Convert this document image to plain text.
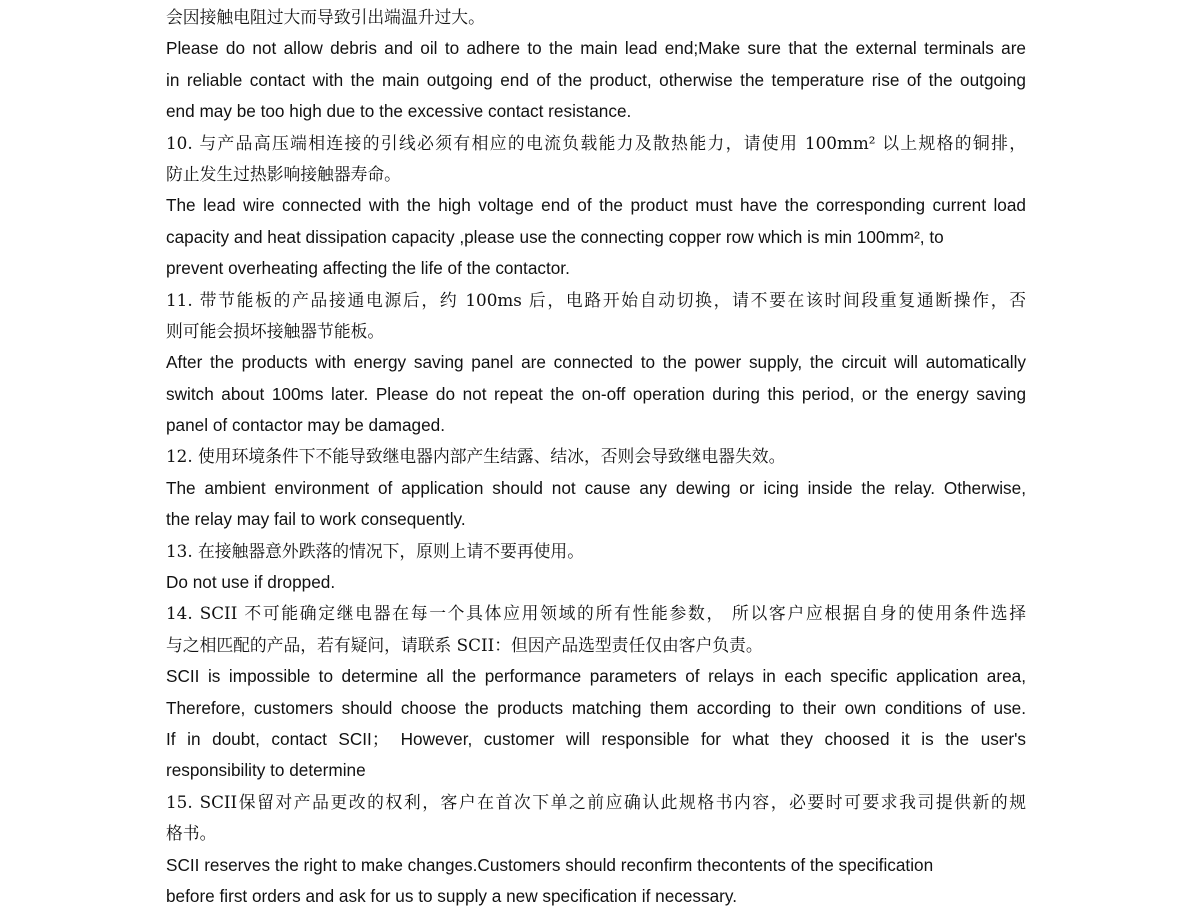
会因接触电阻过大而导致引出端温升过大。
Please do not allow debris and oil to adhere to the main lead end;Make sure that the external terminals are
in reliable contact with the main outgoing end of the product, otherwise the temperature rise of the outgoing
end may be too high due to the excessive contact resistance.
10. 与产品高压端相连接的引线必须有相应的电流负载能力及散热能力，请使用 100mm² 以上规格的铜排，
防止发生过热影响接触器寿命。
The lead wire connected with the high voltage end of the product must have the corresponding current load
capacity and heat dissipation capacity ,please use the connecting copper row which is min 100mm², to
prevent overheating affecting the life of the contactor.
11. 带节能板的产品接通电源后，约 100ms 后，电路开始自动切换，请不要在该时间段重复通断操作，否
则可能会损坏接触器节能板。
After the products with energy saving panel are connected to the power supply, the circuit will automatically
switch about 100ms later. Please do not repeat the on-off operation during this period, or the energy saving
panel of contactor may be damaged.
12. 使用环境条件下不能导致继电器内部产生结露、结冰，否则会导致继电器失效。
The ambient environment of application should not cause any dewing or icing inside the relay. Otherwise,
the relay may fail to work consequently.
13. 在接触器意外跌落的情况下，原则上请不要再使用。
Do not use if dropped.
14. SCII 不可能确定继电器在每一个具体应用领域的所有性能参数， 所以客户应根据自身的使用条件选择
与之相匹配的产品，若有疑问，请联系 SCII：但因产品选型责任仅由客户负责。
SCII is impossible to determine all the performance parameters of relays in each specific application area,
Therefore, customers should choose the products matching them according to their own conditions of use.
If in doubt, contact SCII； However, customer will responsible for what they choosed it is the user's
responsibility to determine
15. SCII保留对产品更改的权利，客户在首次下单之前应确认此规格书内容，必要时可要求我司提供新的规
格书。
SCII reserves the right to make changes.Customers should reconfirm thecontents of the specification
before first orders and ask for us to supply a new specification if necessary.
